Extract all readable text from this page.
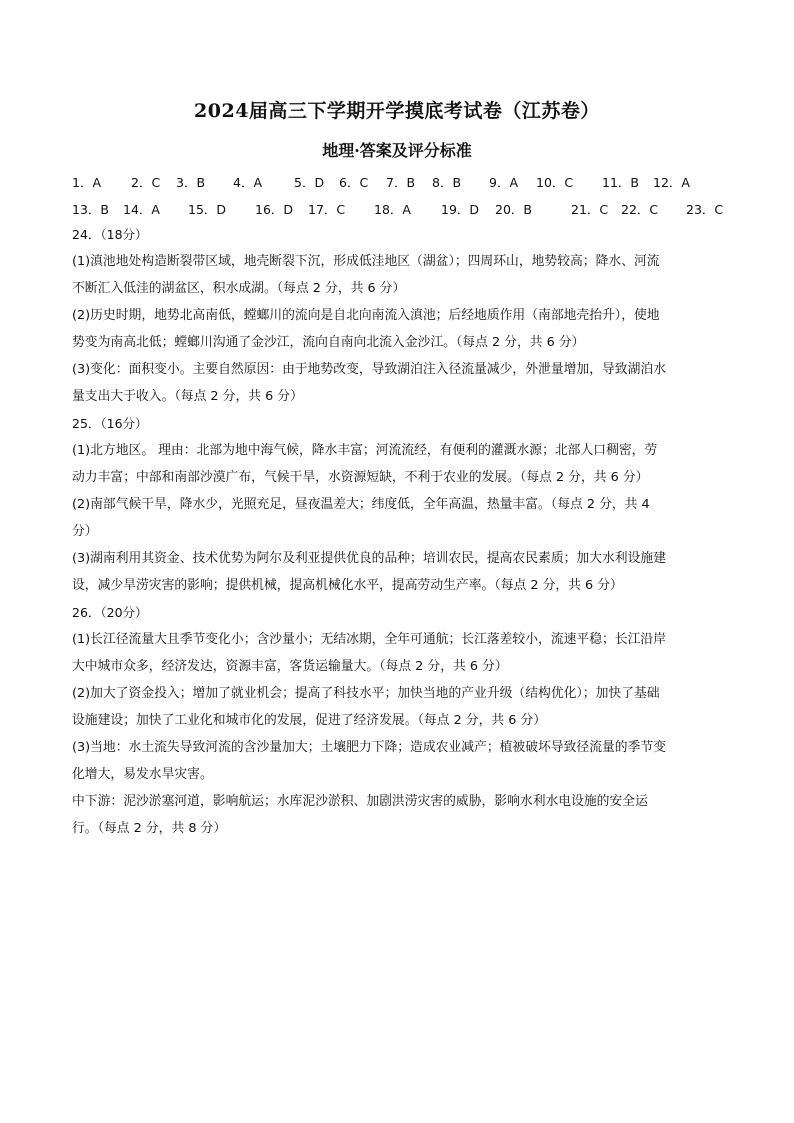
2024届高三下学期开学摸底考试卷（江苏卷）
地理·答案及评分标准
1．A 2．C 3．B 4．A	5．D 6．C 7．B 8．B 9．A 10．C 11．B 12．A
13．B 14．A 15．D 16．D 17．C 18．A 19．D 20．B	21．C 22．C 23．C
24．（18分）
(1)滇池地处构造断裂带区域，地壳断裂下沉，形成低洼地区（湖盆）；四周环山，地势较高；降水、河流
不断汇入低洼的湖盆区，积水成湖。（每点 2 分，共 6 分）
(2)历史时期，地势北高南低，螳螂川的流向是自北向南流入滇池；后经地质作用（南部地壳抬升），使地
势变为南高北低；螳螂川沟通了金沙江，流向自南向北流入金沙江。（每点 2 分，共 6 分）
(3)变化：面积变小。主要自然原因：由于地势改变，导致湖泊注入径流量减少，外泄量增加，导致湖泊水
量支出大于收入。（每点 2 分，共 6 分）
25．（16分）
(1)北方地区。 理由：北部为地中海气候，降水丰富；河流流经，有便利的灌溉水源；北部人口稠密，劳
动力丰富；中部和南部沙漠广布，气候干旱，水资源短缺，不利于农业的发展。（每点 2 分，共 6 分）
(2)南部气候干旱，降水少，光照充足，昼夜温差大；纬度低，全年高温，热量丰富。（每点 2 分，共 4
分）
(3)湖南利用其资金、技术优势为阿尔及利亚提供优良的品种；培训农民，提高农民素质；加大水利设施建
设，减少旱涝灾害的影响；提供机械，提高机械化水平，提高劳动生产率。（每点 2 分，共 6 分）
26．（20分）
(1)长江径流量大且季节变化小；含沙量小；无结冰期，全年可通航；长江落差较小，流速平稳；长江沿岸
大中城市众多，经济发达，资源丰富，客货运输量大。（每点 2 分，共 6 分）
(2)加大了资金投入；增加了就业机会；提高了科技水平；加快当地的产业升级（结构优化）；加快了基础
设施建设；加快了工业化和城市化的发展，促进了经济发展。（每点 2 分，共 6 分）
(3)当地：水土流失导致河流的含沙量加大；土壤肥力下降；造成农业减产；植被破坏导致径流量的季节变
化增大，易发水旱灾害。
中下游：泥沙淤塞河道，影响航运；水库泥沙淤积、加剧洪涝灾害的威胁，影响水利水电设施的安全运
行。（每点 2 分，共 8 分）
